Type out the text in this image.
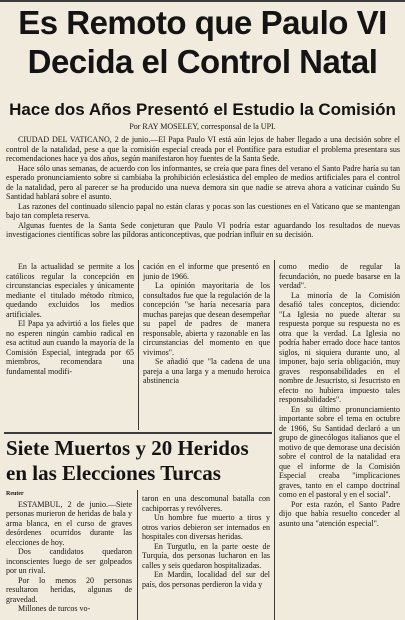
Es Remoto que Paulo VI
Decida el Control Natal
Hace dos Años Presentó el Estudio la Comisión
Por RAY MOSELEY, corresponsal de la UPI.

CIUDAD DEL VATICANO, 2 de junio.—El Papa Paulo VI está aún lejos de haber llegado a una decisión sobre el control de la natalidad, pese a que la comisión especial creada por el Pontífice para estudiar el problema presentara sus recomendaciones hace ya dos años, según manifestaron hoy fuentes de la Santa Sede.

Hace sólo unas semanas, de acuerdo con los informantes, se creía que para fines del verano el Santo Padre haría su tan esperado pronunciamiento sobre si cambiaba la prohibición eclesiástica del empleo de medios artificiales para el control de la natalidad, pero al parecer se ha producido una nueva demora sin que nadie se atreva ahora a vaticinar cuándo Su Santidad hablará sobre el asunto.

Las razones del continuado silencio papal no están claras y pocas son las cuestiones en el Vaticano que se mantengan bajo tan completa reserva.

Algunas fuentes de la Santa Sede conjeturan que Paulo VI podría estar aguardando los resultados de nuevas investigaciones científicas sobre las píldoras anticonceptivas, que podrían influir en su decisión.

En la actualidad se permite a los católicos regular la concepción en circunstancias especiales y únicamente mediante el titulado método rítmico, quedando excluidos los medios artificiales.

El Papa ya advirtió a los fieles que no esperen ningún cambio radical en esa actitud aun cuando la mayoría de la Comisión Especial, integrada por 65 miembros, recomendara una fundamental modifi-

cación en el informe que presentó en junio de 1966.

La opinión mayoritaria de los consultados fue que la regulación de la concepción "se haría necesaria para muchas parejas que desean desempeñar su papel de padres de manera responsable, abierta y razonable en las circunstancias del momento en que vivimos".

Se añadió que "la cadena de una pareja a una larga y a menudo heroica abstinencia

como medio de regular la fecundación, no puede basarse en la verdad".

La minoría de la Comisión desafió tales conceptos, diciendo: "La Iglesia no puede alterar su respuesta porque su respuesta no es otra que la verdad. La Iglesia no podría haber errado doce hace tantos siglos, ni siquiera durante uno, al imponer, bajo seria obligación, muy graves responsabilidades en el nombre de Jesucristo, si Jesucristo en efecto no hubiera impuesto tales responsabilidades".

En su último pronunciamiento importante sobre el tema en octubre de 1966, Su Santidad declaró a un grupo de ginecólogos italianos que el motivo de que demorase una decisión sobre el control de la natalidad era que el informe de la Comisión Especial creaba "implicaciones graves, tanto en el campo doctrinal como en el pastoral y en el social".

Por esta razón, el Santo Padre dijo que había resuelto conceder al asunto una "atención especial".

Siete Muertos y 20 Heridos
en las Elecciones Turcas
Reuter

ESTAMBUL, 2 de junio.—Siete personas murieron de heridas de bala y arma blanca, en el curso de graves desórdenes ocurridos durante las elecciones de hoy.

Dos candidatos quedaron inconscientes luego de ser golpeados por un rival.

Por lo menos 20 personas resultaron heridas, algunas de gravedad.

Millones de turcos vo-

taron en una descomunal batalla con cachiporras y revólveres.

Un hombre fue muerto a tiros y otros varios debieron ser internados en hospitales con diversas heridas.

En Turgutlu, en la parte oeste de Turquía, dos personas lucharon en las calles y seis quedaron hospitalizadas.

En Mardin, localidad del sur del país, dos personas perdieron la vida y
